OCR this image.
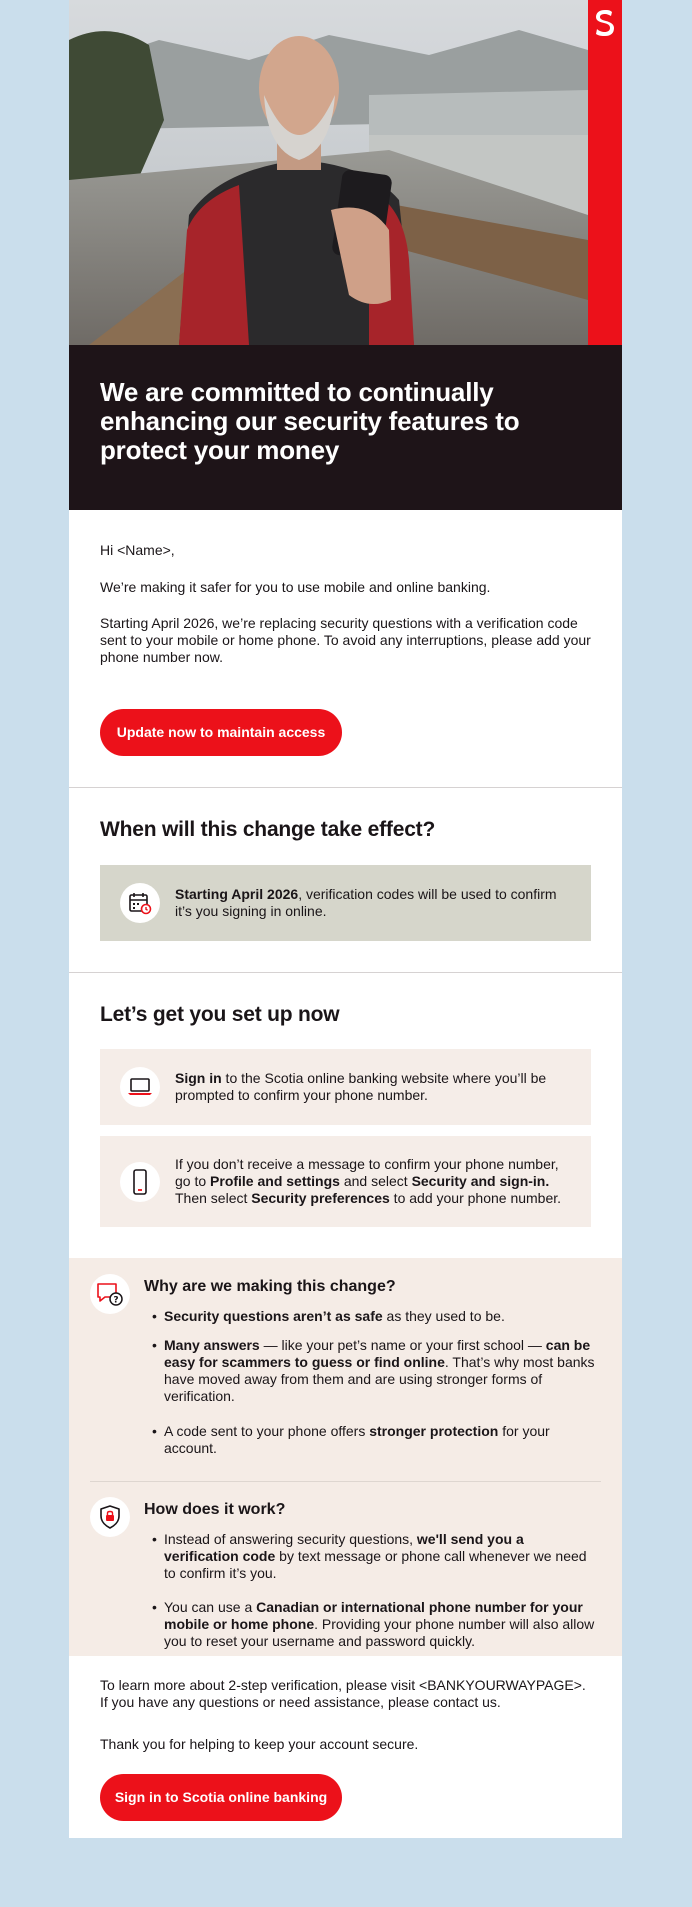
We are committed to continually enhancing our security features to protect your money

Hi <Name>,

We’re making it safer for you to use mobile and online banking.

Starting April 2026, we’re replacing security questions with a verification code sent to your mobile or home phone. To avoid any interruptions, please add your phone number now.

Update now to maintain access
When will this change take effect?
Starting April 2026, verification codes will be used to confirm it’s you signing in online.
Let’s get you set up now
Sign in to the Scotia online banking website where you’ll be prompted to confirm your phone number.
If you don’t receive a message to confirm your phone number, go to Profile and settings and select Security and sign-in. Then select Security preferences to add your phone number.
?
Why are we making this change?
• Security questions aren’t as safe as they used to be.
• Many answers — like your pet’s name or your first school — can be easy for scammers to guess or find online. That’s why most banks have moved away from them and are using stronger forms of verification.
• A code sent to your phone offers stronger protection for your account.
How does it work?
• Instead of answering security questions, we'll send you a verification code by text message or phone call whenever we need to confirm it’s you.
• You can use a Canadian or international phone number for your mobile or home phone. Providing your phone number will also allow you to reset your username and password quickly.

To learn more about 2-step verification, please visit <BANKYOURWAYPAGE>. If you have any questions or need assistance, please contact us.

Thank you for helping to keep your account secure.

Sign in to Scotia online banking
